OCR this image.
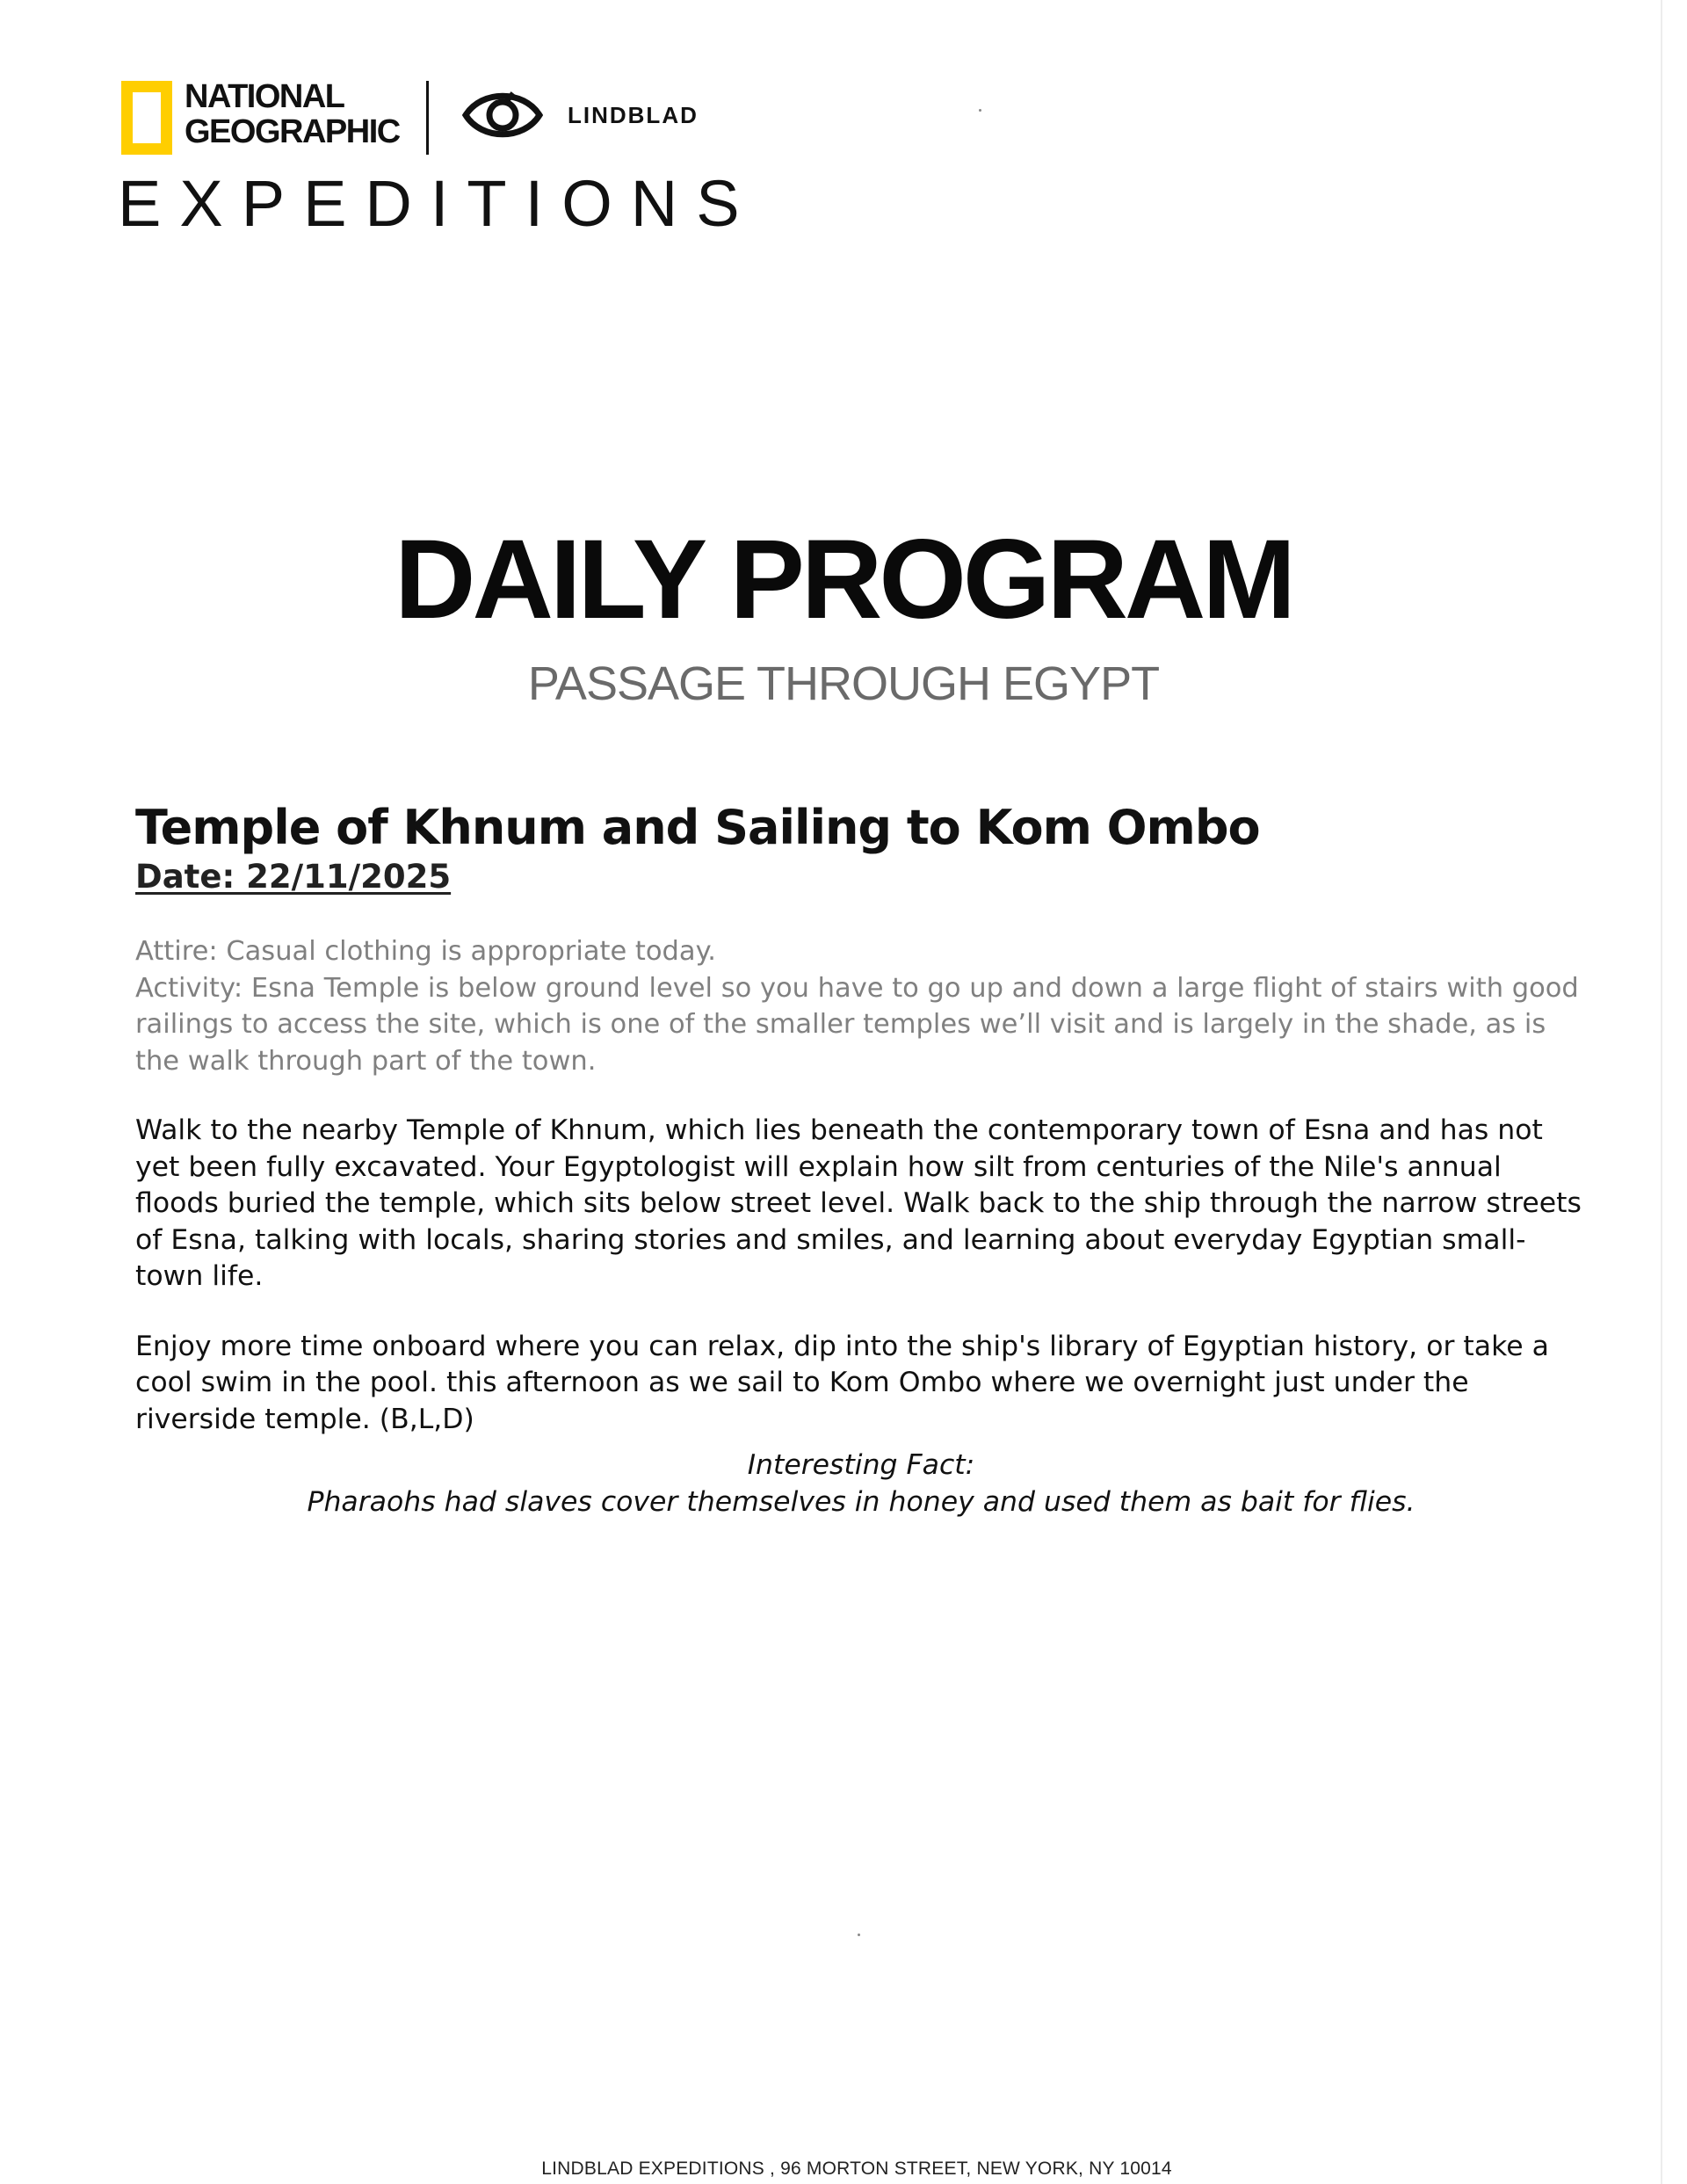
NATIONAL
GEOGRAPHIC	LINDBLAD
EXPEDITIONS
DAILY PROGRAM
PASSAGE THROUGH EGYPT
Temple of Khnum and Sailing to Kom Ombo
Date: 22/11/2025
Attire: Casual clothing is appropriate today.
Activity: Esna Temple is below ground level so you have to go up and down a large flight of stairs with good railings to access the site, which is one of the smaller temples we’ll visit and is largely in the shade, as is the walk through part of the town.
Walk to the nearby Temple of Khnum, which lies beneath the contemporary town of Esna and has not yet been fully excavated. Your Egyptologist will explain how silt from centuries of the Nile's annual floods buried the temple, which sits below street level. Walk back to the ship through the narrow streets of Esna, talking with locals, sharing stories and smiles, and learning about everyday Egyptian small-town life.
Enjoy more time onboard where you can relax, dip into the ship's library of Egyptian history, or take a cool swim in the pool. this afternoon as we sail to Kom Ombo where we overnight just under the riverside temple. (B,L,D)
Interesting Fact:
Pharaohs had slaves cover themselves in honey and used them as bait for flies.
LINDBLAD EXPEDITIONS , 96 MORTON STREET, NEW YORK, NY 10014
